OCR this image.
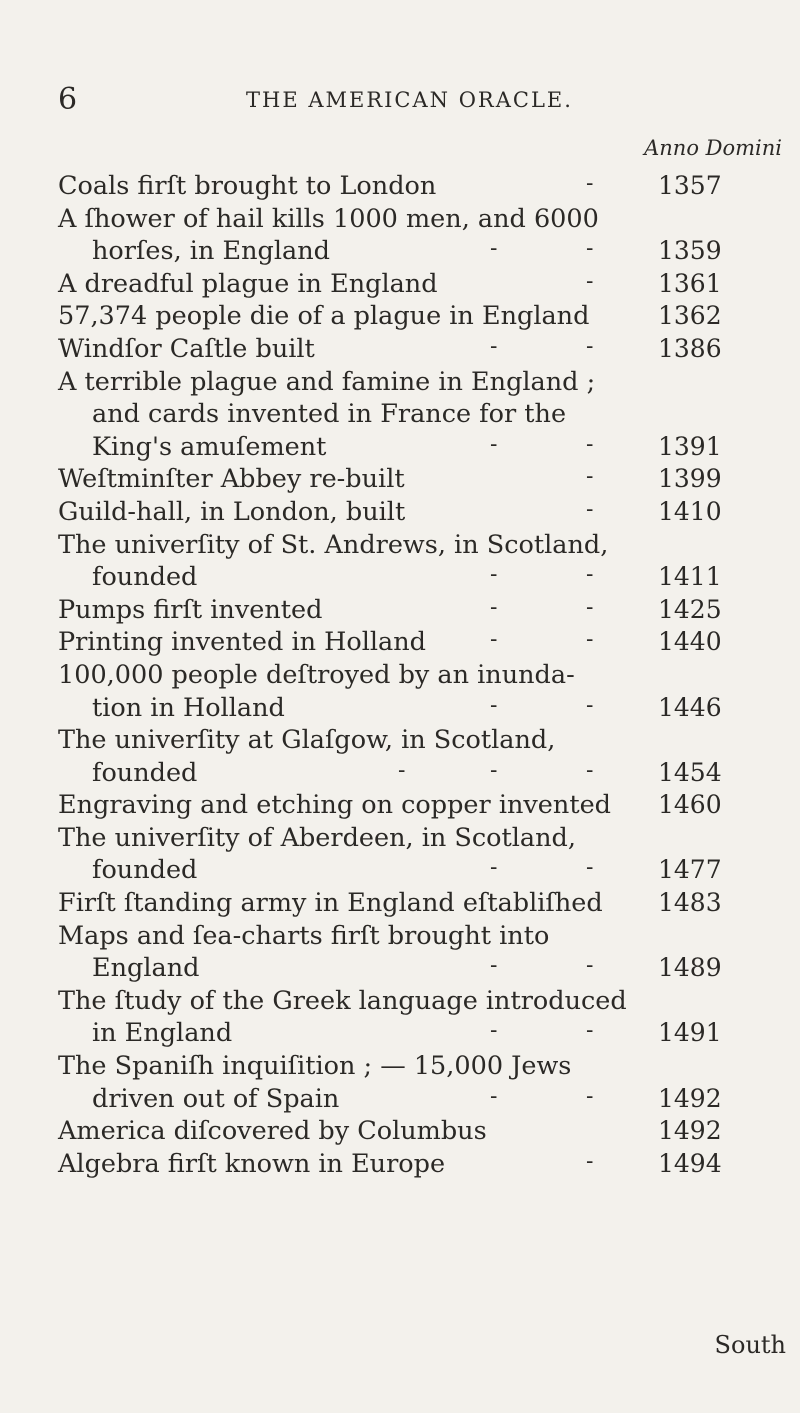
6	THE AMERICAN ORACLE.
Anno Domini
Coals firſt brought to London	-	1357
A ſhower of hail kills 1000 men, and 6000
horſes, in England	-	-	1359
A dreadful plague in England	-	1361
57,374 people die of a plague in England	1362
Windſor Caſtle built	-	-	1386
A terrible plague and famine in England ;
and cards invented in France for the
King's amuſement	-	-	1391
Weſtminſter Abbey re-built	-	1399
Guild-hall, in London, built	-	1410
The univerſity of St. Andrews, in Scotland,
founded	-	-	1411
Pumps firſt invented	-	-	1425
Printing invented in Holland	-	-	1440
100,000 people deſtroyed by an inunda-
tion in Holland	-	-	1446
The univerſity at Glaſgow, in Scotland,
founded	-	-	-	1454
Engraving and etching on copper invented	1460
The univerſity of Aberdeen, in Scotland,
founded	-	-	1477
Firſt ſtanding army in England eſtabliſhed	1483
Maps and ſea-charts firſt brought into
England	-	-	1489
The ſtudy of the Greek language introduced
in England	-	-	1491
The Spaniſh inquiſition ; — 15,000 Jews
driven out of Spain	-	-	1492
America diſcovered by Columbus	1492
Algebra firſt known in Europe	-	1494
South
